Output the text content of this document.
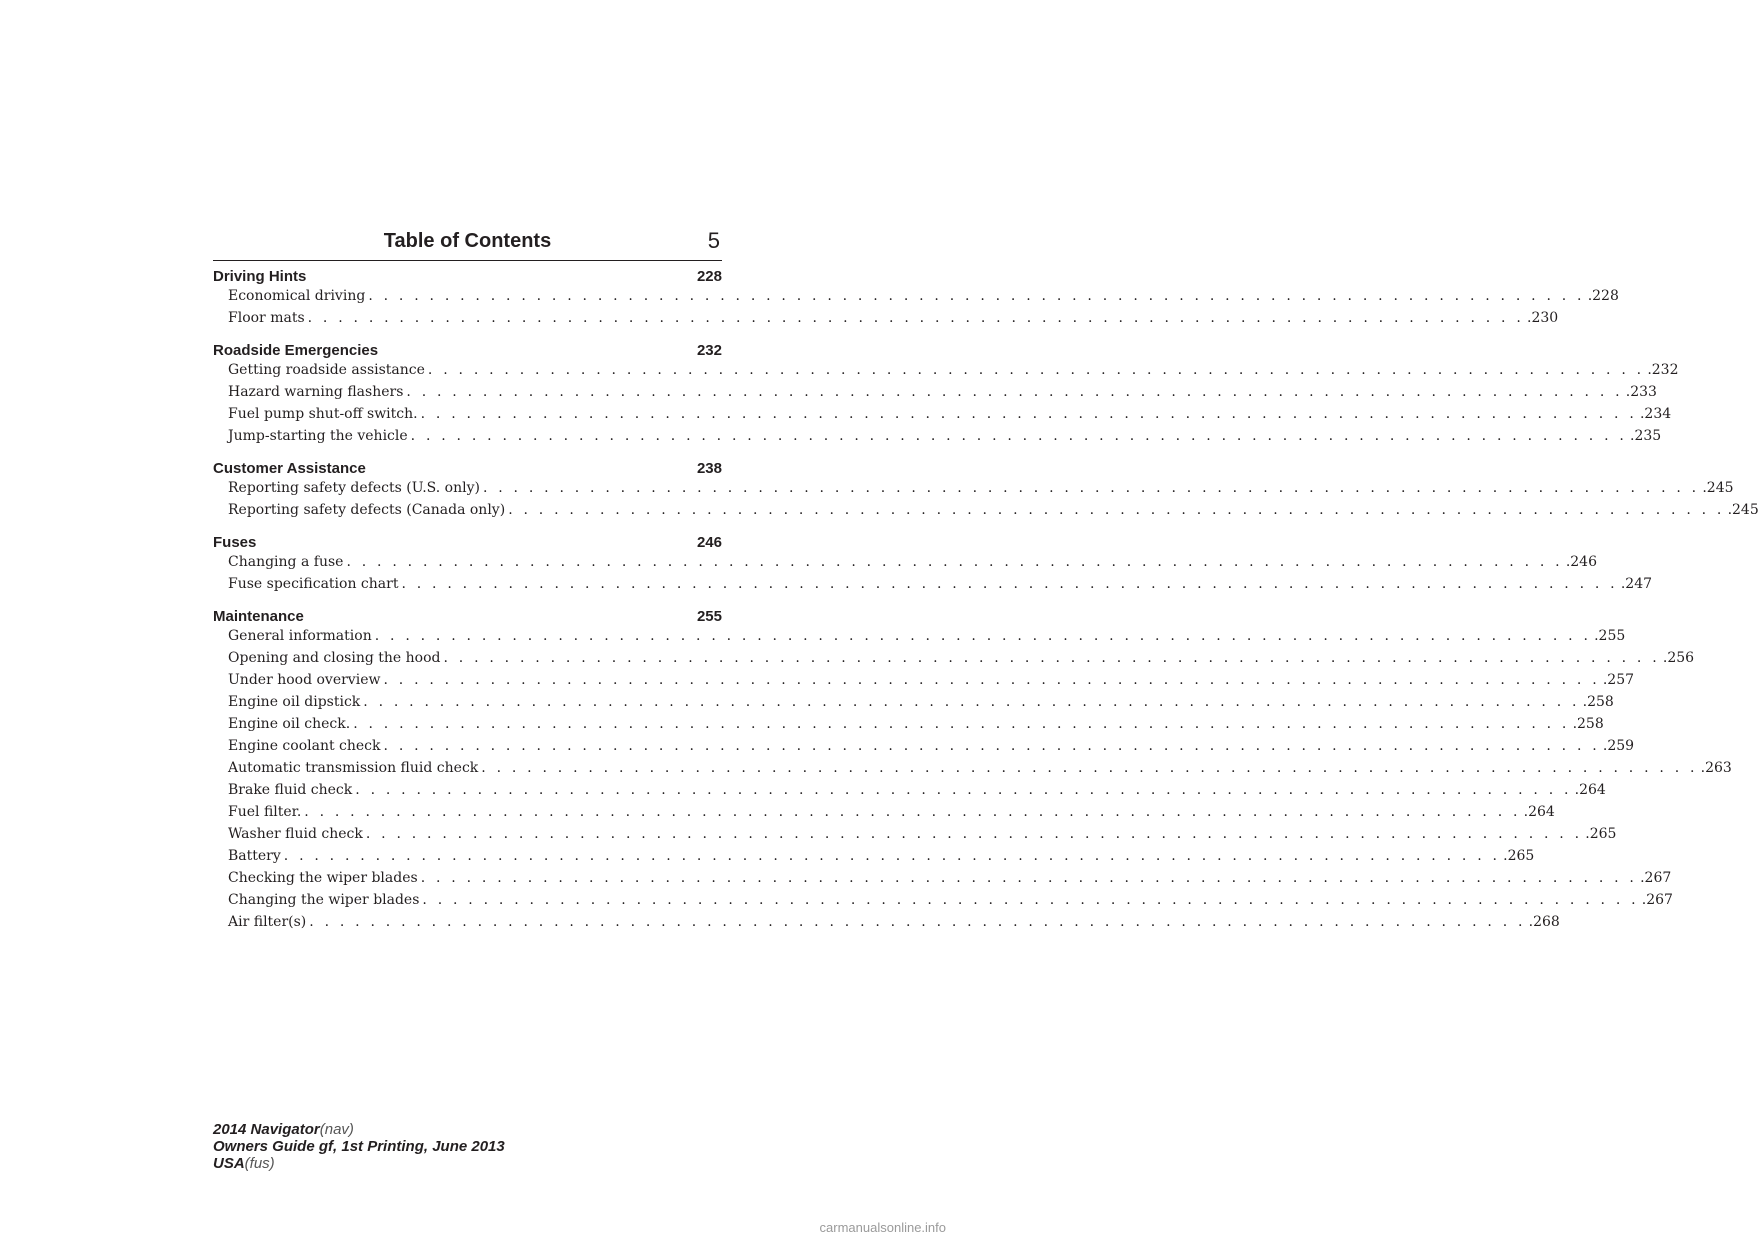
Table of Contents	5
Driving Hints	228
Economical driving . . . . . . . . . . . . . . . . . . . . . . . . . . . . . . . . . . . . . . . . . . . . . . . . . . . . . . . . . . . . . . . . . . . . . . . . . . . . . . . . .228
Floor mats . . . . . . . . . . . . . . . . . . . . . . . . . . . . . . . . . . . . . . . . . . . . . . . . . . . . . . . . . . . . . . . . . . . . . . . . . . . . . . . . .230
Roadside Emergencies	232
Getting roadside assistance . . . . . . . . . . . . . . . . . . . . . . . . . . . . . . . . . . . . . . . . . . . . . . . . . . . . . . . . . . . . . . . . . . . . . . . . . . . . . . . . .232
Hazard warning flashers . . . . . . . . . . . . . . . . . . . . . . . . . . . . . . . . . . . . . . . . . . . . . . . . . . . . . . . . . . . . . . . . . . . . . . . . . . . . . . . . .233
Fuel pump shut-off switch. . . . . . . . . . . . . . . . . . . . . . . . . . . . . . . . . . . . . . . . . . . . . . . . . . . . . . . . . . . . . . . . . . . . . . . . . . . . . . . . . .234
Jump-starting the vehicle . . . . . . . . . . . . . . . . . . . . . . . . . . . . . . . . . . . . . . . . . . . . . . . . . . . . . . . . . . . . . . . . . . . . . . . . . . . . . . . . .235
Customer Assistance	238
Reporting safety defects (U.S. only) . . . . . . . . . . . . . . . . . . . . . . . . . . . . . . . . . . . . . . . . . . . . . . . . . . . . . . . . . . . . . . . . . . . . . . . . . . . . . . . . .245
Reporting safety defects (Canada only) . . . . . . . . . . . . . . . . . . . . . . . . . . . . . . . . . . . . . . . . . . . . . . . . . . . . . . . . . . . . . . . . . . . . . . . . . . . . . . . . .245
Fuses	246
Changing a fuse . . . . . . . . . . . . . . . . . . . . . . . . . . . . . . . . . . . . . . . . . . . . . . . . . . . . . . . . . . . . . . . . . . . . . . . . . . . . . . . . .246
Fuse specification chart . . . . . . . . . . . . . . . . . . . . . . . . . . . . . . . . . . . . . . . . . . . . . . . . . . . . . . . . . . . . . . . . . . . . . . . . . . . . . . . . .247
Maintenance	255
General information . . . . . . . . . . . . . . . . . . . . . . . . . . . . . . . . . . . . . . . . . . . . . . . . . . . . . . . . . . . . . . . . . . . . . . . . . . . . . . . . .255
Opening and closing the hood . . . . . . . . . . . . . . . . . . . . . . . . . . . . . . . . . . . . . . . . . . . . . . . . . . . . . . . . . . . . . . . . . . . . . . . . . . . . . . . . .256
Under hood overview . . . . . . . . . . . . . . . . . . . . . . . . . . . . . . . . . . . . . . . . . . . . . . . . . . . . . . . . . . . . . . . . . . . . . . . . . . . . . . . . .257
Engine oil dipstick . . . . . . . . . . . . . . . . . . . . . . . . . . . . . . . . . . . . . . . . . . . . . . . . . . . . . . . . . . . . . . . . . . . . . . . . . . . . . . . . .258
Engine oil check. . . . . . . . . . . . . . . . . . . . . . . . . . . . . . . . . . . . . . . . . . . . . . . . . . . . . . . . . . . . . . . . . . . . . . . . . . . . . . . . . .258
Engine coolant check . . . . . . . . . . . . . . . . . . . . . . . . . . . . . . . . . . . . . . . . . . . . . . . . . . . . . . . . . . . . . . . . . . . . . . . . . . . . . . . . .259
Automatic transmission fluid check . . . . . . . . . . . . . . . . . . . . . . . . . . . . . . . . . . . . . . . . . . . . . . . . . . . . . . . . . . . . . . . . . . . . . . . . . . . . . . . . .263
Brake fluid check . . . . . . . . . . . . . . . . . . . . . . . . . . . . . . . . . . . . . . . . . . . . . . . . . . . . . . . . . . . . . . . . . . . . . . . . . . . . . . . . .264
Fuel filter. . . . . . . . . . . . . . . . . . . . . . . . . . . . . . . . . . . . . . . . . . . . . . . . . . . . . . . . . . . . . . . . . . . . . . . . . . . . . . . . . .264
Washer fluid check . . . . . . . . . . . . . . . . . . . . . . . . . . . . . . . . . . . . . . . . . . . . . . . . . . . . . . . . . . . . . . . . . . . . . . . . . . . . . . . . .265
Battery . . . . . . . . . . . . . . . . . . . . . . . . . . . . . . . . . . . . . . . . . . . . . . . . . . . . . . . . . . . . . . . . . . . . . . . . . . . . . . . . .265
Checking the wiper blades . . . . . . . . . . . . . . . . . . . . . . . . . . . . . . . . . . . . . . . . . . . . . . . . . . . . . . . . . . . . . . . . . . . . . . . . . . . . . . . . .267
Changing the wiper blades . . . . . . . . . . . . . . . . . . . . . . . . . . . . . . . . . . . . . . . . . . . . . . . . . . . . . . . . . . . . . . . . . . . . . . . . . . . . . . . . .267
Air filter(s) . . . . . . . . . . . . . . . . . . . . . . . . . . . . . . . . . . . . . . . . . . . . . . . . . . . . . . . . . . . . . . . . . . . . . . . . . . . . . . . . .268
2014 Navigator(nav)
Owners Guide gf, 1st Printing, June 2013
USA(fus)
carmanualsonline.info
